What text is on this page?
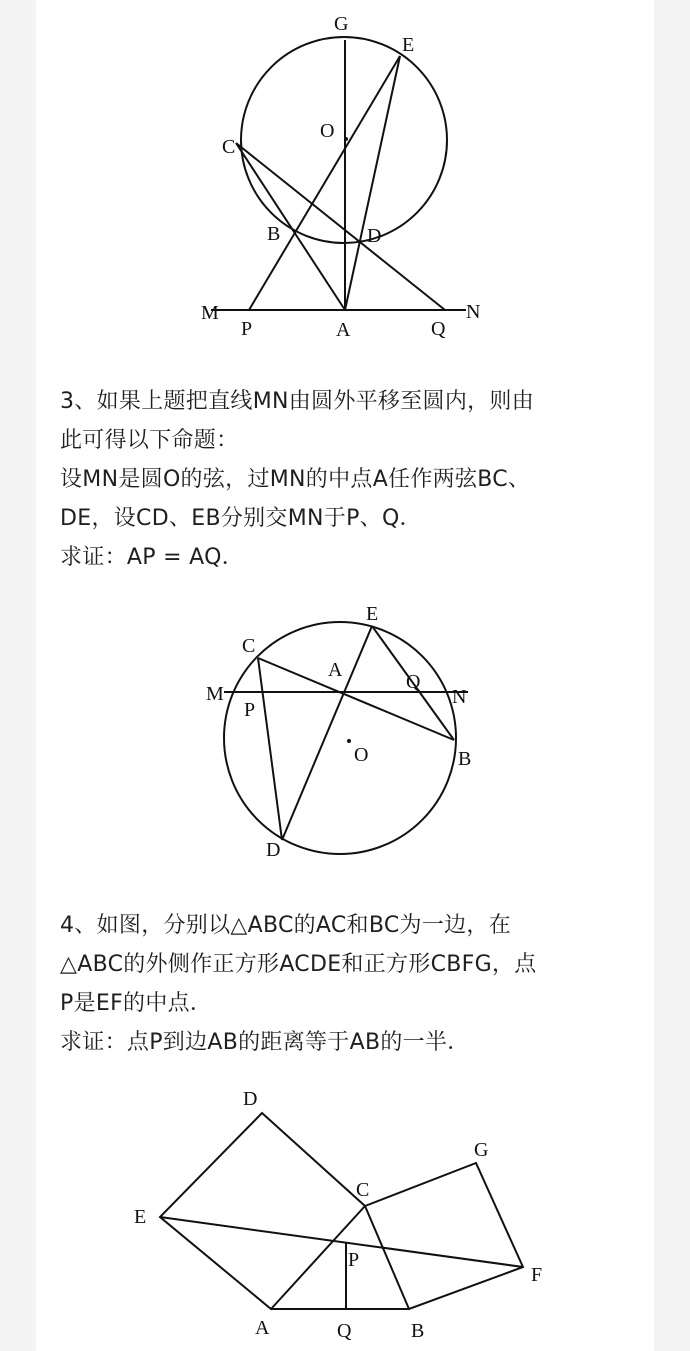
G
E
O
C
B	D
M
P	A	Q
N

3、如果上题把直线MN由圆外平移至圆内，则由

此可得以下命题：

设MN是圆O的弦，过MN的中点A任作两弦BC、

DE，设CD、EB分别交MN于P、Q．

求证：AP = AQ．

C
E
A
M
Q
N
P
O	B
D

4、如图，分别以△ABC的AC和BC为一边，在

△ABC的外侧作正方形ACDE和正方形CBFG，点

P是EF的中点．

求证：点P到边AB的距离等于AB的一半．

D
G
C
E
P
F
A	Q	B
